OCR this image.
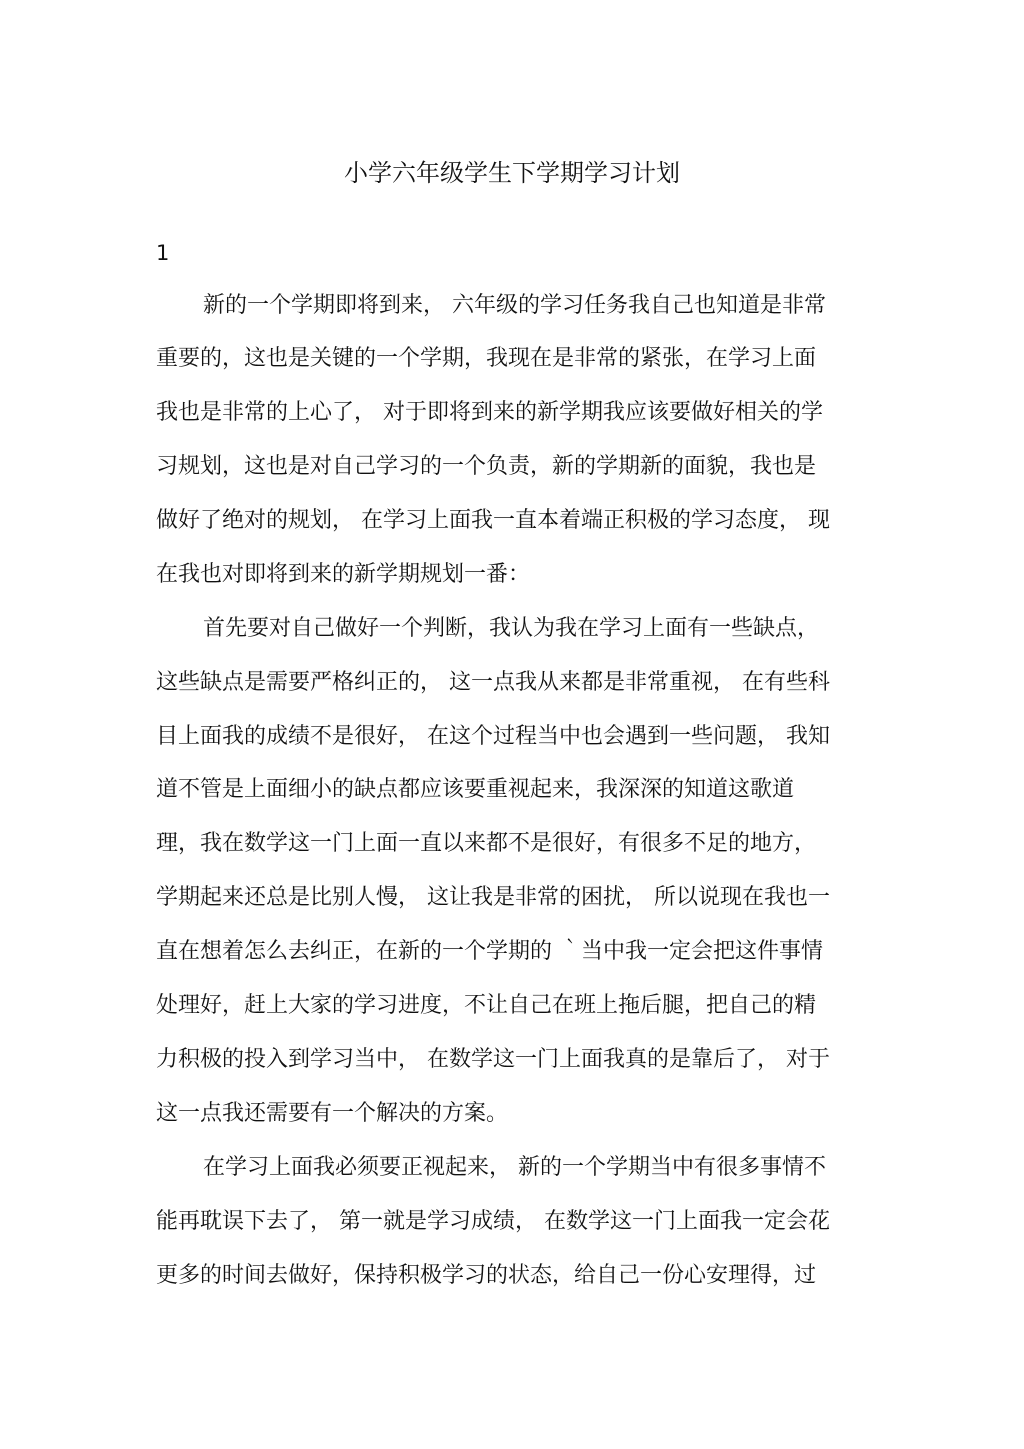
小学六年级学生下学期学习计划
1
新的一个学期即将到来， 六年级的学习任务我自己也知道是非常
重要的，这也是关键的一个学期，我现在是非常的紧张，在学习上面
我也是非常的上心了， 对于即将到来的新学期我应该要做好相关的学
习规划，这也是对自己学习的一个负责，新的学期新的面貌，我也是
做好了绝对的规划， 在学习上面我一直本着端正积极的学习态度， 现
在我也对即将到来的新学期规划一番：
首先要对自己做好一个判断，我认为我在学习上面有一些缺点，
这些缺点是需要严格纠正的， 这一点我从来都是非常重视， 在有些科
目上面我的成绩不是很好， 在这个过程当中也会遇到一些问题， 我知
道不管是上面细小的缺点都应该要重视起来，我深深的知道这歌道
理，我在数学这一门上面一直以来都不是很好，有很多不足的地方，
学期起来还总是比别人慢， 这让我是非常的困扰， 所以说现在我也一
直在想着怎么去纠正，在新的一个学期的 ｀当中我一定会把这件事情
处理好，赶上大家的学习进度，不让自己在班上拖后腿，把自己的精
力积极的投入到学习当中， 在数学这一门上面我真的是靠后了， 对于
这一点我还需要有一个解决的方案。
在学习上面我必须要正视起来， 新的一个学期当中有很多事情不
能再耽误下去了， 第一就是学习成绩， 在数学这一门上面我一定会花
更多的时间去做好，保持积极学习的状态，给自己一份心安理得，过
